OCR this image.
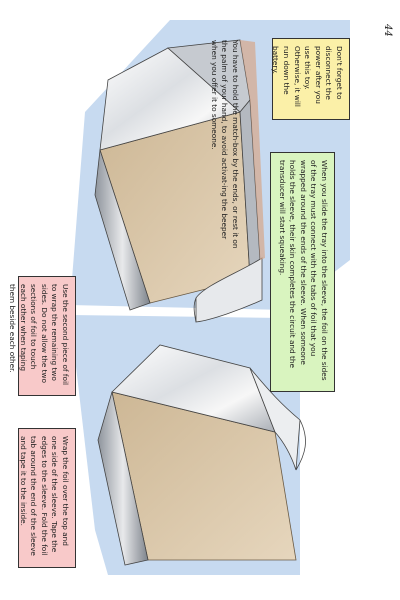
44
Don't forget to disconnect the power after you use this toy. Otherwise, it will run down the battery.
You have to hold the match-box by the ends, or rest it on the palm of your hand, to avoid activat-ing the beeper when you offer it to someone.
When you slide the tray into the sleeve, the foil on the sides of the tray must connect with the tabs of foil that you wrapped around the ends of the sleeve. When someone holds the sleeve, their skin completes the circuit and the transducer will start squeaking.
Use the second piece of foil to wrap the remaining two sides. Do not allow the two sections of foil to touch each other when taping them beside each other.
Wrap the foil over the top and one side of the sleeve. Tape the edges to the sleeve. Fold the foil tab around the end of the sleeve and tape it to the inside.
